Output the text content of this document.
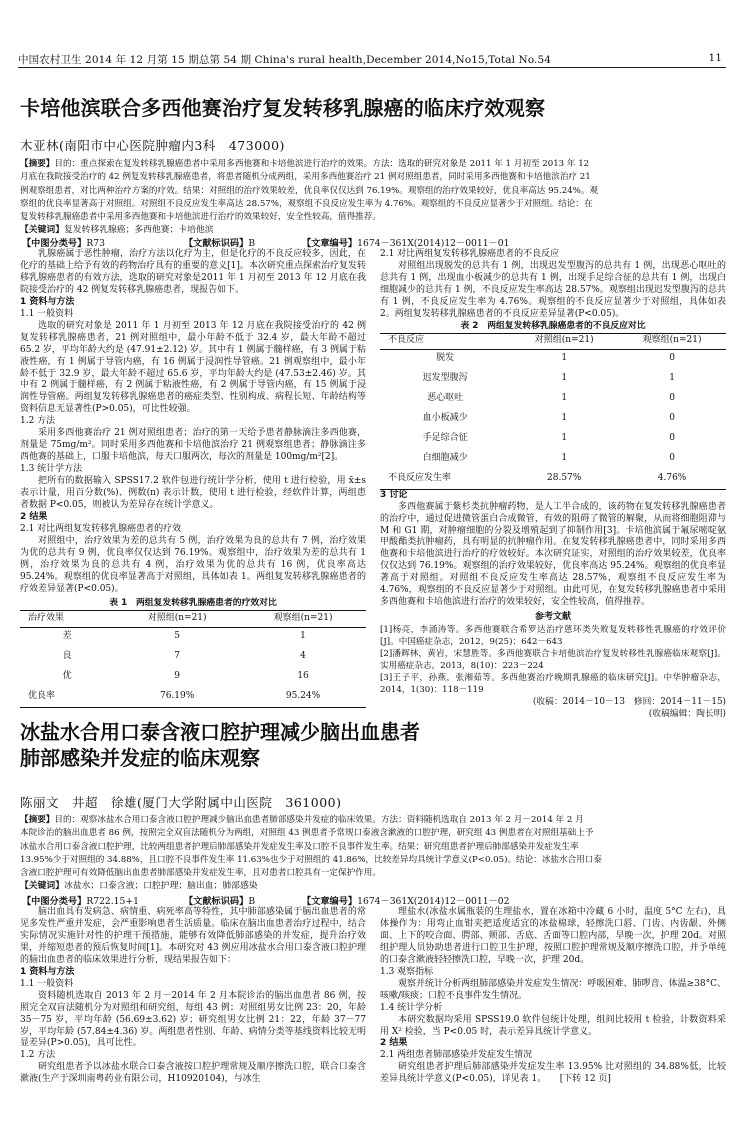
中国农村卫生 2014 年 12 月第 15 期总第 54 期 China's rural health,December 2014,No15,Total No.54	11
卡培他滨联合多西他赛治疗复发转移乳腺癌的临床疗效观察
木亚林(南阳市中心医院肿瘤内3科　473000)
【摘要】目的：重点探索在复发转移乳腺癌患者中采用多西他赛和卡培他滨进行治疗的效果。方法：选取的研究对象是 2011 年 1 月初至 2013 年 12
月底在我院接受治疗的 42 例复发转移乳腺癌患者，将患者随机分成两组，采用多西他赛治疗 21 例对照组患者，同时采用多西他赛和卡培他滨治疗 21
例观察组患者，对比两种治疗方案的疗效。结果：对照组的治疗效果较差，优良率仅仅达到 76.19%。观察组的治疗效果较好，优良率高达 95.24%。观
察组的优良率显著高于对照组。对照组不良反应发生率高达 28.57%，观察组不良反应发生率为 4.76%。观察组的不良反应显著少于对照组。结论：在
复发转移乳腺癌患者中采用多西他赛和卡培他滨进行治疗的效果较好，安全性较高，值得推荐。
【关键词】复发转移乳腺癌；多西他赛；卡培他滨
【中图分类号】R73	【文献标识码】B	【文章编号】1674－361X(2014)12－0011－01

乳腺癌属于恶性肿瘤，治疗方法以化疗为主，但是化疗的不良反应较多，因此，在化疗的基础上给予有效的药物治疗具有的重要的意义[1]。本次研究重点探索治疗复发转移乳腺癌患者的有效方法，选取的研究对象是2011 年 1 月初至 2013 年 12 月底在我院接受治疗的 42 例复发转移乳腺癌患者，现报告如下。

1 资料与方法

1.1 一般资料

选取的研究对象是 2011 年 1 月初至 2013 年 12 月底在我院接受治疗的 42 例复发转移乳腺癌患者，21 例对照组中，最小年龄不低于 32.4 岁，最大年龄不超过 65.2 岁，平均年龄大约是 (47.91±2.12) 岁。其中有 1 例属于髓样癌，有 3 例属于粘液性癌，有 1 例属于导管内癌，有 16 例属于浸润性导管癌。21 例观察组中，最小年龄不低于 32.9 岁，最大年龄不超过 65.6 岁，平均年龄大约是 (47.53±2.46) 岁。其中有 2 例属于髓样癌，有 2 例属于粘液性癌，有 2 例属于导管内癌，有 15 例属于浸润性导管癌。两组复发转移乳腺癌患者的癌症类型、性别构成、病程长短、年龄结构等资料信息无显著性(P>0.05)，可比性较强。

1.2 方法

采用多西他赛治疗 21 例对照组患者；治疗的第一天给予患者静脉滴注多西他赛，剂量是 75mg/m²。同时采用多西他赛和卡培他滨治疗 21 例观察组患者；静脉滴注多西他赛的基础上，口服卡培他滨，每天口服两次，每次的剂量是 100mg/m²[2]。

1.3 统计学方法

把所有的数据输入 SPSS17.2 软件包进行统计学分析，使用 t 进行检验，用 x̄±s 表示计量，用百分数(%)、例数(n) 表示计数，使用 t 进行检验，经软件计算，两组患者数据 P<0.05，则被认为差异存在统计学意义。

2 结果

2.1 对比两组复发转移乳腺癌患者的疗效

对照组中，治疗效果为差的总共有 5 例，治疗效果为良的总共有 7 例，治疗效果为优的总共有 9 例，优良率仅仅达到 76.19%。观察组中，治疗效果为差的总共有 1 例，治疗效果为良的总共有 4 例，治疗效果为优的总共有 16 例，优良率高达 95.24%。观察组的优良率显著高于对照组，具体如表 1。两组复发转移乳腺癌患者的疗效差异显著(P<0.05)。

表 1　两组复发转移乳腺癌患者的疗效对比
治疗效果	对照组(n=21)	观察组(n=21)
差	5	1
良	7	4
优	9	16
优良率	76.19%	95.24%

2.1 对比两组复发转移乳腺癌患者的不良反应

对照组出现脱发的总共有 1 例，出现迟发型腹泻的总共有 1 例，出现恶心呕吐的总共有 1 例，出现血小板减少的总共有 1 例，出现手足综合征的总共有 1 例，出现白细胞减少的总共有 1 例，不良反应发生率高达 28.57%。观察组出现迟发型腹泻的总共有 1 例，不良反应发生率为 4.76%。观察组的不良反应显著少于对照组，具体如表 2。两组复发转移乳腺癌患者的不良反应差异显著(P<0.05)。

表 2　两组复发转移乳腺癌患者的不良反应对比
不良反应	对照组(n=21)	观察组(n=21)
脱发	1	0
迟发型腹泻	1	1
恶心呕吐	1	0
血小板减少	1	0
手足综合征	1	0
白细胞减少	1	0
不良反应发生率	28.57%	4.76%

3 讨论

多西他赛属于紫杉类抗肿瘤药物，是人工半合成的，该药物在复发转移乳腺癌患者的治疗中，通过促进微管蛋白合成微管，有效的阻碍了微管的解聚，从而将细胞阻滞与 M 和 G1 期，对肿瘤细胞的分裂及增殖起到了抑制作用[3]。卡培他滨属于氟尿嘧啶氨甲酸酯类抗肿瘤药，具有明显的抗肿瘤作用。在复发转移乳腺癌患者中，同时采用多西他赛和卡培他滨进行治疗的疗效较好。本次研究证实，对照组的治疗效果较差，优良率仅仅达到 76.19%。观察组的治疗效果较好，优良率高达 95.24%。观察组的优良率显著高于对照组。对照组不良反应发生率高达 28.57%，观察组不良反应发生率为 4.76%，观察组的不良反应显著少于对照组。由此可见，在复发转移乳腺癌患者中采用多西他赛和卡培他滨进行治疗的效果较好，安全性较高，值得推荐。

参考文献
[1]杨亮，李涌涛等。多西他赛联合希罗达治疗蒽环类失败复发转移性乳腺癌的疗效评价[J]。中国癌症杂志，2012，9(25)：642－643
[2]潘辉林，黄岩，宋慧胜等。多西他赛联合卡培他滨治疗复发转移性乳腺癌临床观察[J]。实用癌症杂志，2013，8(10)：223－224
[3]王子平，孙燕，张湘茹等。多西他赛治疗晚期乳腺癌的临床研究[J]。中华肿瘤杂志，2014，1(30)：118－119
(收稿：2014－10－13　修回：2014－11－15)
(收稿编辑：陶长明)
冰盐水合用口泰含液口腔护理减少脑出血患者
肺部感染并发症的临床观察
陈丽文　井超　徐雄(厦门大学附属中山医院　361000)
【摘要】目的：观察冰盐水合用口泰含液口腔护理减少脑出血患者肺部感染并发症的临床效果。方法：资料随机选取自 2013 年 2 月－2014 年 2 月
本院诊治的脑出血患者 86 例，按照完全双盲法随机分为两组，对照组 43 例患者予常规口泰液含漱液的口腔护理，研究组 43 例患者在对照组基础上予
冰盐水合用口泰含液口腔护理，比较两组患者护理后肺部感染并发症发生率及口腔不良事件发生率。结果：研究组患者护理后肺部感染并发症发生率
13.95%少于对照组的 34.88%，且口腔不良事件发生率 11.63%也少于对照组的 41.86%，比较差异均具统计学意义(P<0.05)。结论：冰盐水合用口泰
含液口腔护理可有效降低脑出血患者肺部感染并发症发生率，且对患者口腔具有一定保护作用。
【关键词】冰盐水；口泰含液；口腔护理；脑出血；肺部感染
【中图分类号】R722.15+1	【文献标识码】B	【文章编号】1674－361X(2014)12－0011－02

脑出血具有发病急、病情重、病死率高等特性，其中肺部感染属于脑出血患者的常见多发性严重并发症，会严重影响患者生活质量。临床在脑出血患者治疗过程中，结合实际情况实施针对性的护理干预措施，能够有效降低肺部感染的并发症，提升治疗效果，并缩短患者的预后恢复时间[1]。本研究对 43 例应用冰盐水合用口泰含液口腔护理的脑出血患者的临床效果进行分析，现结果报告如下：

1 资料与方法

1.1 一般资料

资料随机选取自 2013 年 2 月－2014 年 2 月本院诊治的脑出血患者 86 例，按照完全双盲法随机分为对照组和研究组，每组 43 例；对照组男女比例 23：20，年龄 35－75 岁，平均年龄 (56.69±3.62) 岁；研究组男女比例 21：22，年龄 37－77 岁，平均年龄 (57.84±4.36) 岁。两组患者性别、年龄、病情分类等基线资料比较无明显差异(P>0.05)，具可比性。

1.2 方法

研究组患者予以冰盐水联合口泰含液按口腔护理常规及顺序擦洗口腔，联合口泰含漱液(生产于深圳南粤药业有限公司，H10920104)，与冰生

理盐水(冰盐水属瓶装的生理盐水，置在冰箱中冷藏 6 小时，温度 5°C 左右)，具体操作为：用弯止血钳夹把适度适宜的冰盐棉球，轻擦洗口唇、门齿、内齿龈、外侧面、上下的咬合面、腭部、颊部、舌底、舌面等口腔内部，早晚一次，护理 20d。对照组护理人员协助患者进行口腔卫生护理，按照口腔护理常规及顺序擦洗口腔，并予单纯的口泰含漱液轻轻擦洗口腔，早晚一次，护理 20d。

1.3 观察指标

观察并统计分析两组肺部感染并发症发生情况：呼吸困难、肺啰音、体温≥38°C、咳嗽/咳痰；口腔不良事件发生情况。

1.4 统计学分析

本研究数据均采用 SPSS19.0 软件包统计处理，组间比较用 t 检验，计数资料采用 X² 检验，当 P<0.05 时，表示差异具统计学意义。

2 结果

2.1 两组患者肺部感染并发症发生情况

研究组患者护理后肺部感染并发症发生率 13.95% 比对照组的 34.88%低，比较差异具统计学意义(P<0.05)，详见表 1。　　[下转 12 页]
